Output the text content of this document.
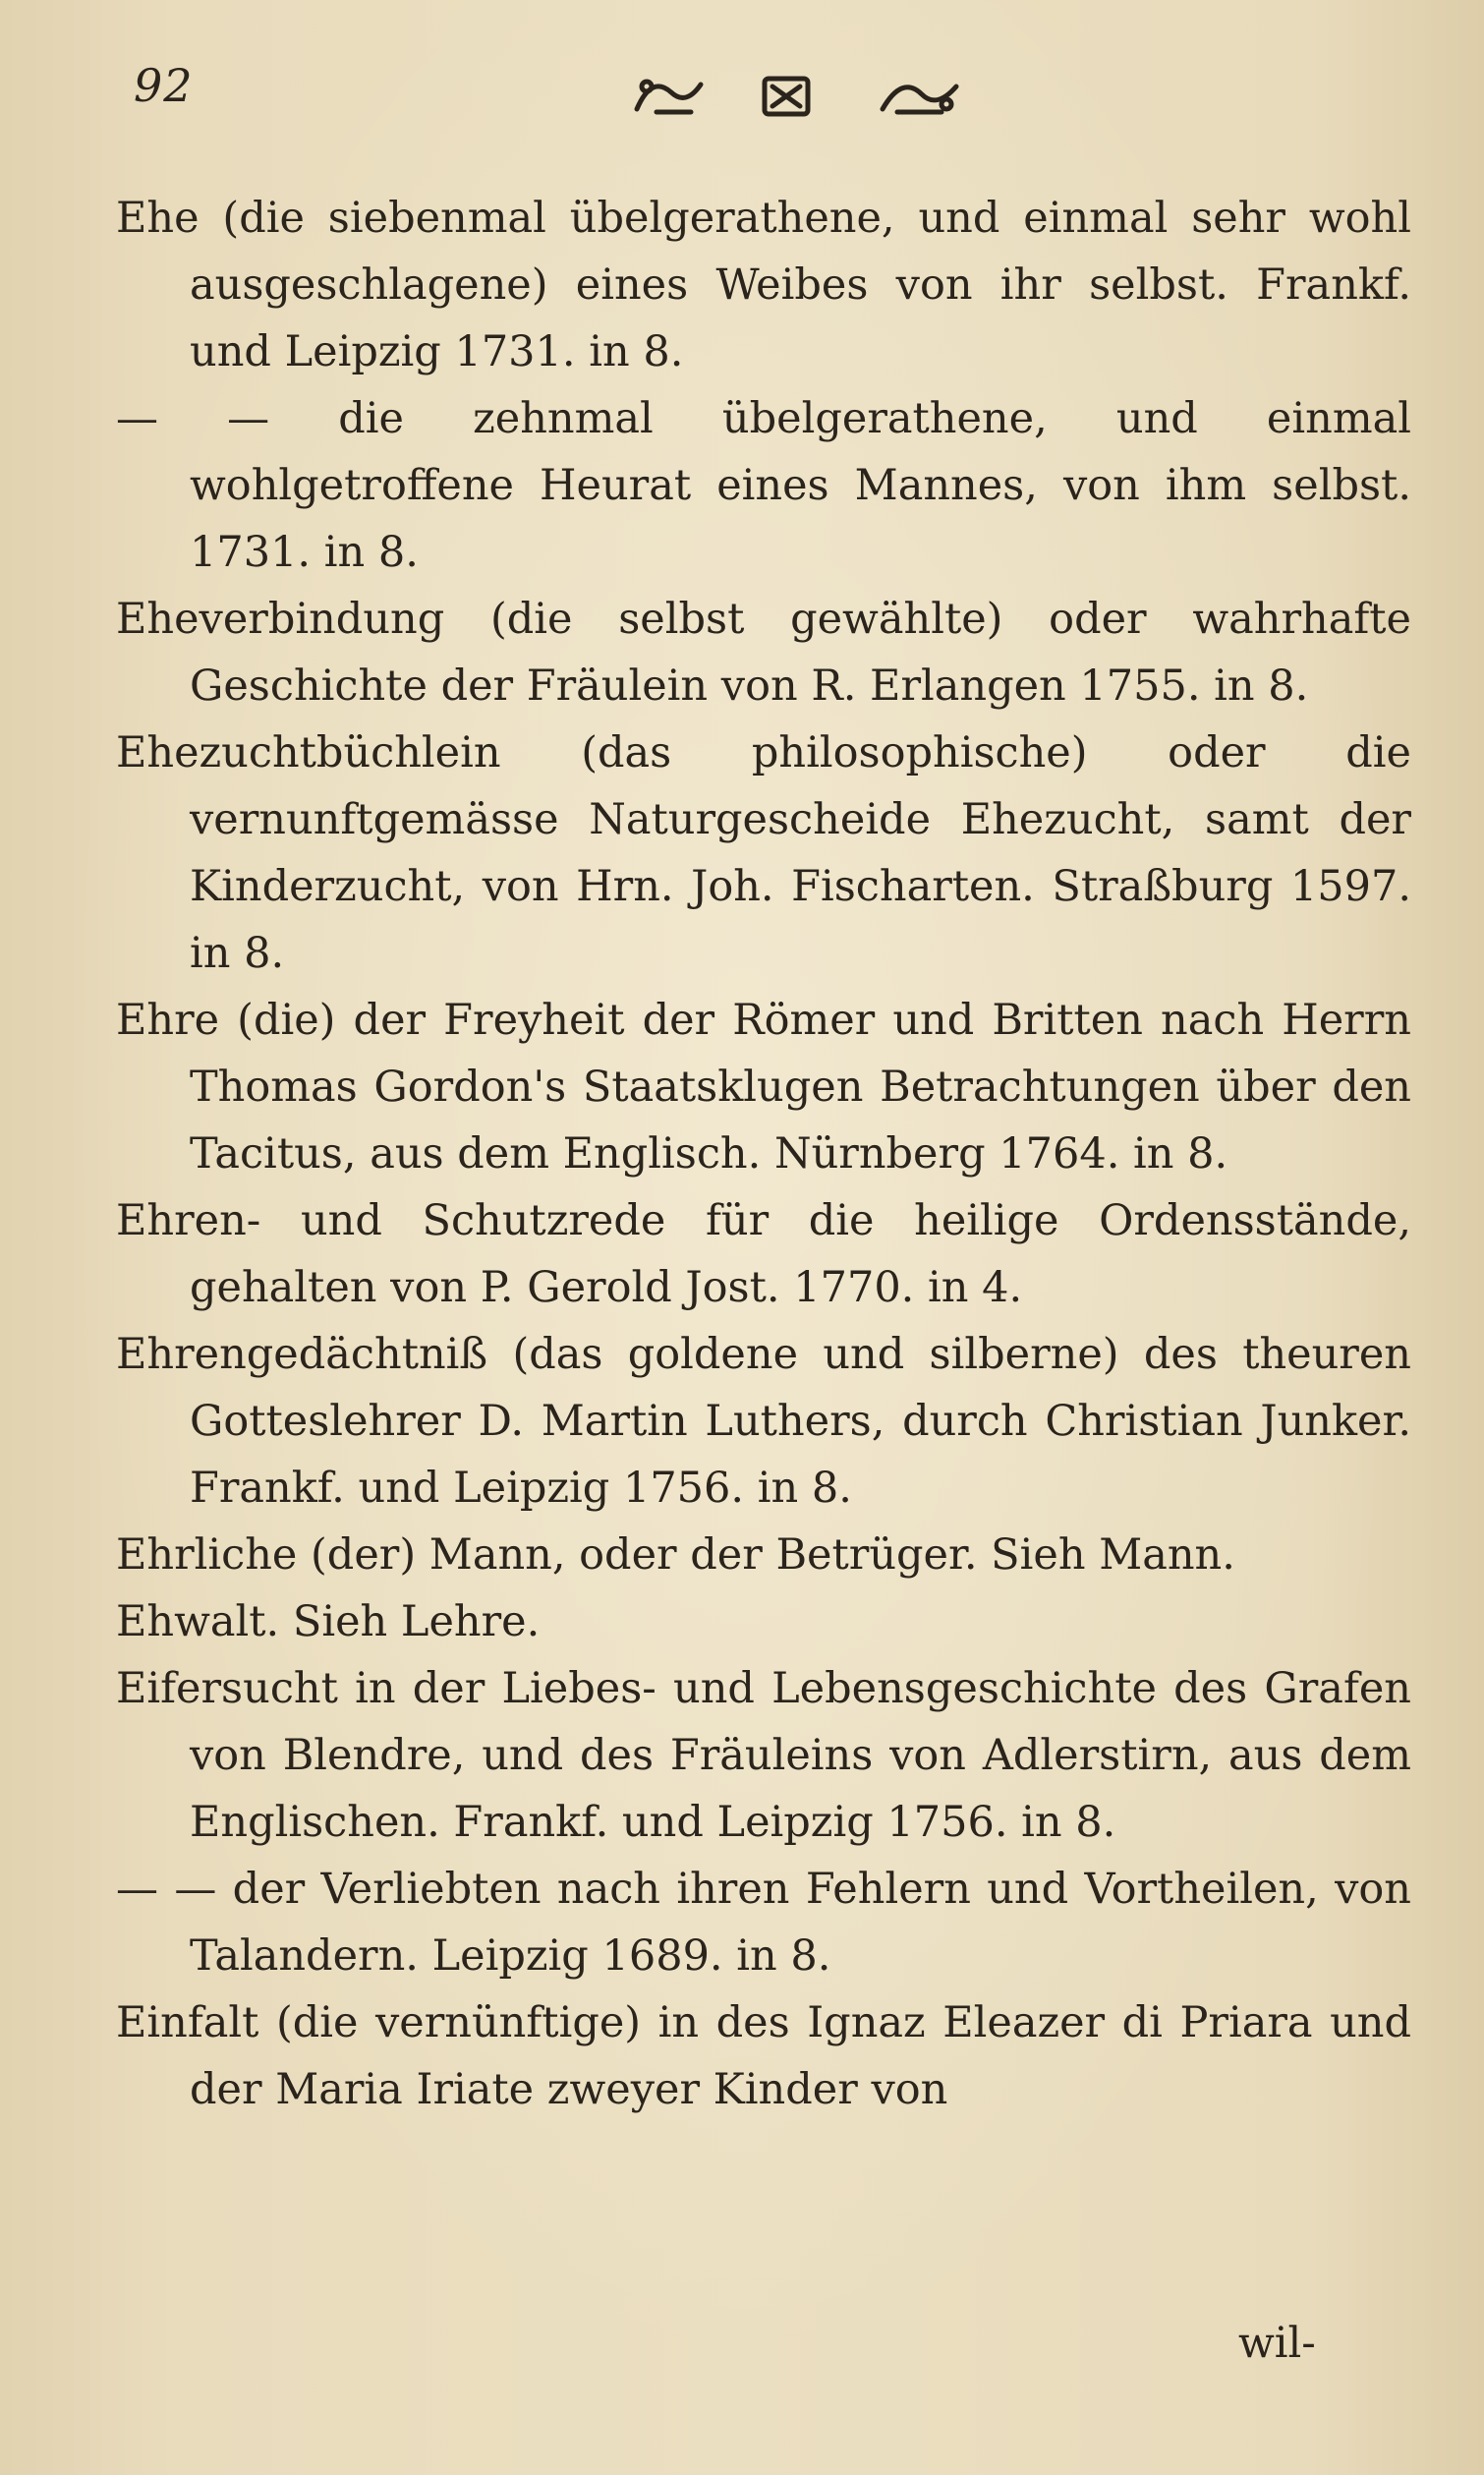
92

Ehe (die siebenmal übelgerathene, und einmal sehr wohl ausgeschlagene) eines Weibes von ihr selbst. Frankf. und Leipzig 1731. in 8.

— — die zehnmal übelgerathene, und einmal wohlgetroffene Heurat eines Mannes, von ihm selbst. 1731. in 8.

Eheverbindung (die selbst gewählte) oder wahrhafte Geschichte der Fräulein von R. Erlangen 1755. in 8.

Ehezuchtbüchlein (das philosophische) oder die vernunftgemässe Naturgescheide Ehezucht, samt der Kinderzucht, von Hrn. Joh. Fischarten. Straßburg 1597. in 8.

Ehre (die) der Freyheit der Römer und Britten nach Herrn Thomas Gordon's Staatsklugen Betrachtungen über den Tacitus, aus dem Englisch. Nürnberg 1764. in 8.

Ehren- und Schutzrede für die heilige Ordensstände, gehalten von P. Gerold Jost. 1770. in 4.

Ehrengedächtniß (das goldene und silberne) des theuren Gotteslehrer D. Martin Luthers, durch Christian Junker. Frankf. und Leipzig 1756. in 8.

Ehrliche (der) Mann, oder der Betrüger. Sieh Mann.

Ehwalt. Sieh Lehre.

Eifersucht in der Liebes- und Lebensgeschichte des Grafen von Blendre, und des Fräuleins von Adlerstirn, aus dem Englischen. Frankf. und Leipzig 1756. in 8.

— — der Verliebten nach ihren Fehlern und Vortheilen, von Talandern. Leipzig 1689. in 8.

Einfalt (die vernünftige) in des Ignaz Eleazer di Priara und der Maria Iriate zweyer Kinder von

wil-
